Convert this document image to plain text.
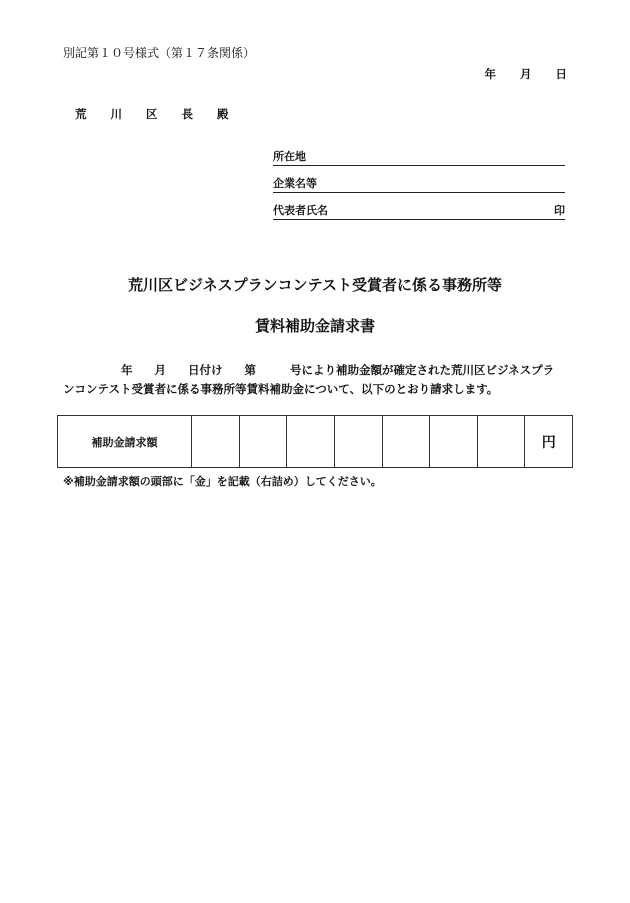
別記第１０号様式（第１７条関係）
年 月 日
荒 川 区 長 殿
所在地
企業名等
代表者氏名	印
荒川区ビジネスプランコンテスト受賞者に係る事務所等
賃料補助金請求書
年 月 日付け 第	号により補助金額が確定された荒川区ビジネスプラ
ンコンテスト受賞者に係る事務所等賃料補助金について、以下のとおり請求します。
補助金請求額								円
※補助金請求額の頭部に「金」を記載（右詰め）してください。
